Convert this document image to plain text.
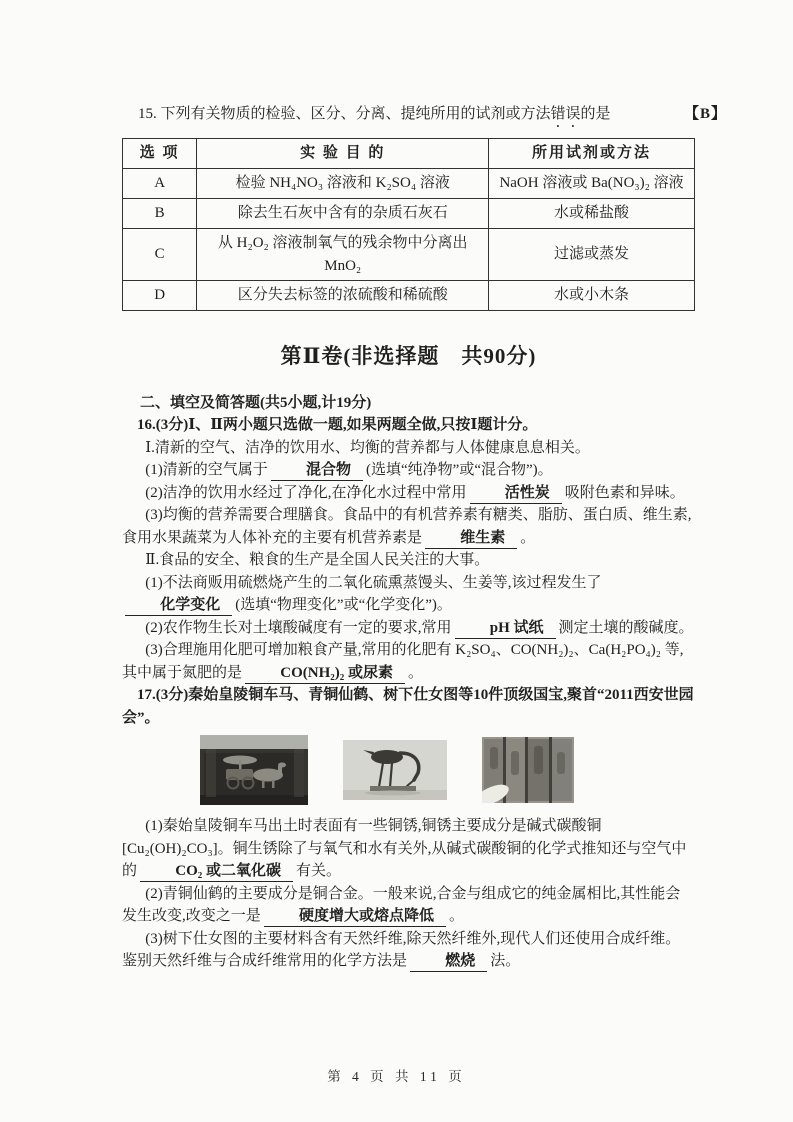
15. 下列有关物质的检验、区分、分离、提纯所用的试剂或方法错误的是	【B】
选 项	实 验 目 的	所用试剂或方法
A	检验 NH₄NO₃ 溶液和 K₂SO₄ 溶液	NaOH 溶液或 Ba(NO₃)₂ 溶液
B	除去生石灰中含有的杂质石灰石	水或稀盐酸
C	从 H₂O₂ 溶液制氧气的残余物中分离出 MnO₂	过滤或蒸发
D	区分失去标签的浓硫酸和稀硫酸	水或小木条
第Ⅱ卷(非选择题　共90分)
二、填空及简答题(共5小题,计19分)

16.(3分)Ⅰ、Ⅱ两小题只选做一题,如果两题全做,只按Ⅰ题计分。

Ⅰ.清新的空气、洁净的饮用水、均衡的营养都与人体健康息息相关。

(1)清新的空气属于	混合物 (选填“纯净物”或“混合物”)。

(2)洁净的饮用水经过了净化,在净化水过程中常用	活性炭 吸附色素和异味。

(3)均衡的营养需要合理膳食。食品中的有机营养素有糖类、脂肪、蛋白质、维生素,食用水果蔬菜为人体补充的主要有机营养素是	维生素 。

Ⅱ.食品的安全、粮食的生产是全国人民关注的大事。

(1)不法商贩用硫燃烧产生的二氧化硫熏蒸馒头、生姜等,该过程发生了化学变化 (选填“物理变化”或“化学变化”)。

(2)农作物生长对土壤酸碱度有一定的要求,常用	pH 试纸 测定土壤的酸碱度。

(3)合理施用化肥可增加粮食产量,常用的化肥有 K₂SO₄、CO(NH₂)₂、Ca(H₂PO₄)₂ 等,其中属于氮肥的是	CO(NH₂)₂ 或尿素 。

17.(3分)秦始皇陵铜车马、青铜仙鹤、树下仕女图等10件顶级国宝,聚首“2011西安世园会”。

(1)秦始皇陵铜车马出土时表面有一些铜锈,铜锈主要成分是碱式碳酸铜[Cu₂(OH)₂CO₃]。铜生锈除了与氧气和水有关外,从碱式碳酸铜的化学式推知还与空气中的	CO₂ 或二氧化碳 有关。

(2)青铜仙鹤的主要成分是铜合金。一般来说,合金与组成它的纯金属相比,其性能会发生改变,改变之一是	硬度增大或熔点降低 。

(3)树下仕女图的主要材料含有天然纤维,除天然纤维外,现代人们还使用合成纤维。鉴别天然纤维与合成纤维常用的化学方法是	燃烧 法。

第 4 页 共 11 页
